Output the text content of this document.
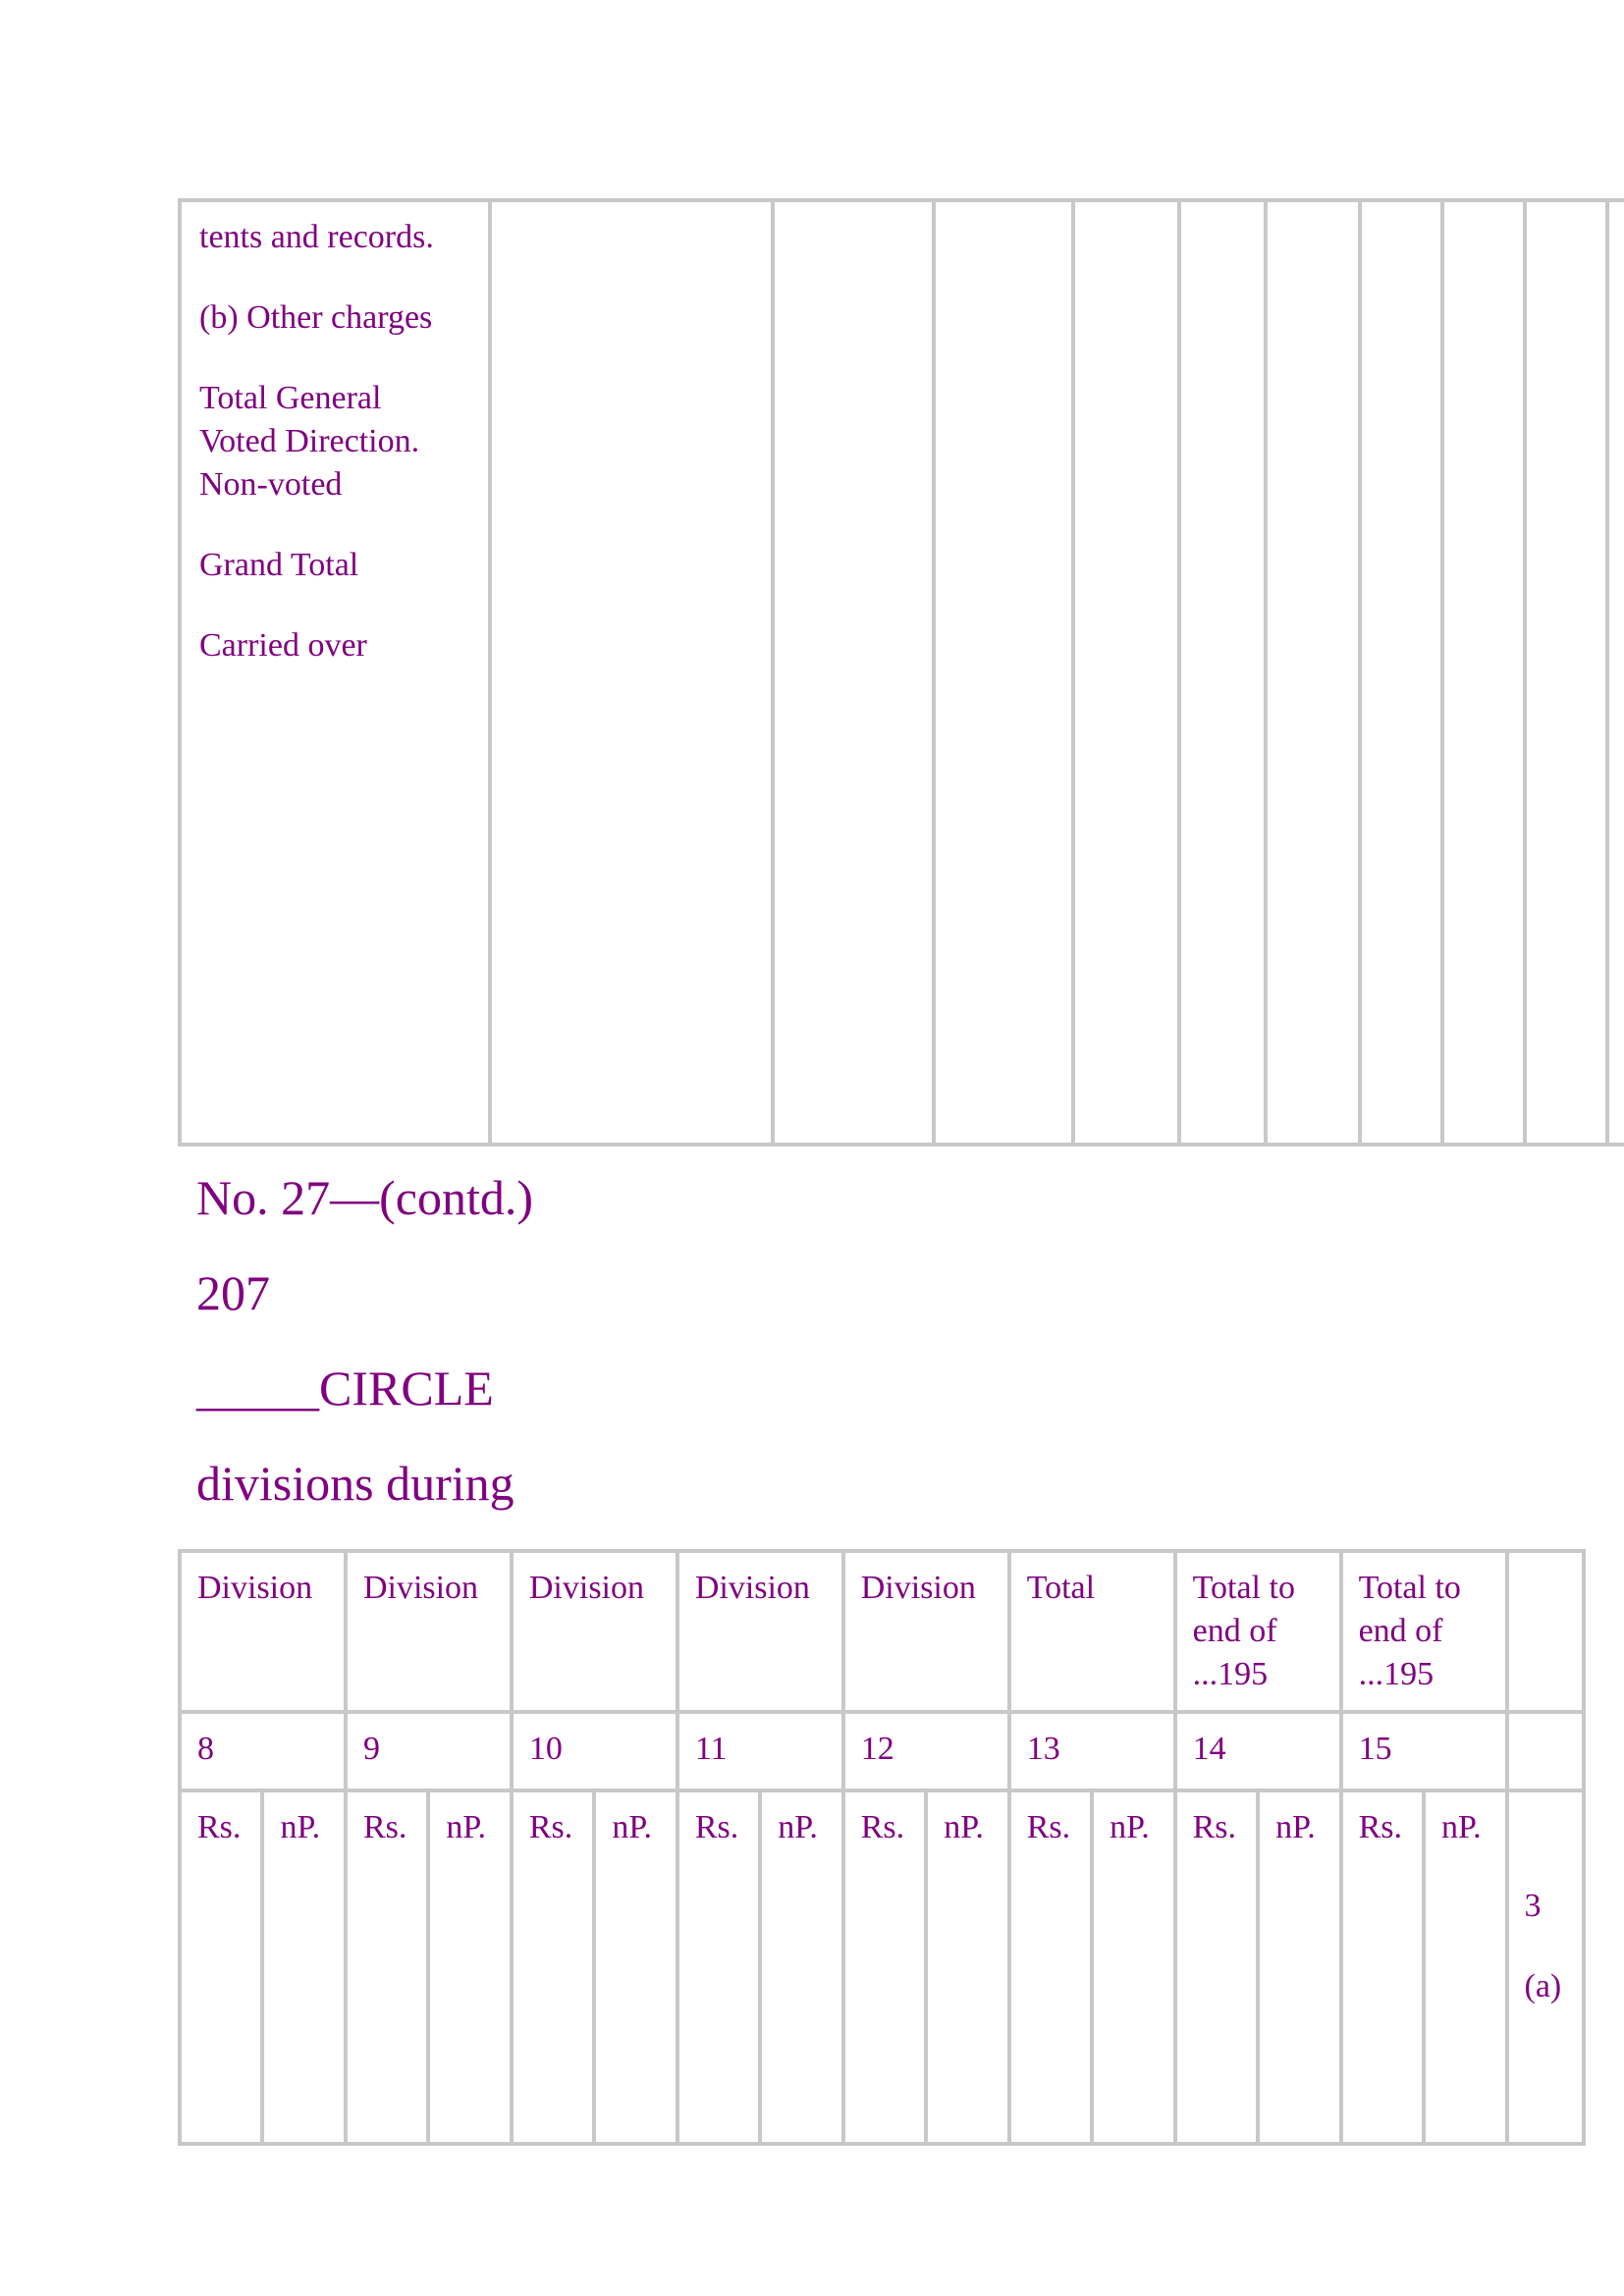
tents and records.

(b) Other charges

Total General
Voted Direction.
Non-voted

Grand Total

Carried over

No. 27—(contd.)
207
_____CIRCLE
divisions during
Division		Division		Division		Division		Division		Total		Total to end of ...195		Total to end of ...195		
8		9		10		11		12		13		14		15		
Rs.	nP.	Rs.	nP.	Rs.	nP.	Rs.	nP.	Rs.	nP.	Rs.	nP.	Rs.	nP.	Rs.	nP.	3

(a)
